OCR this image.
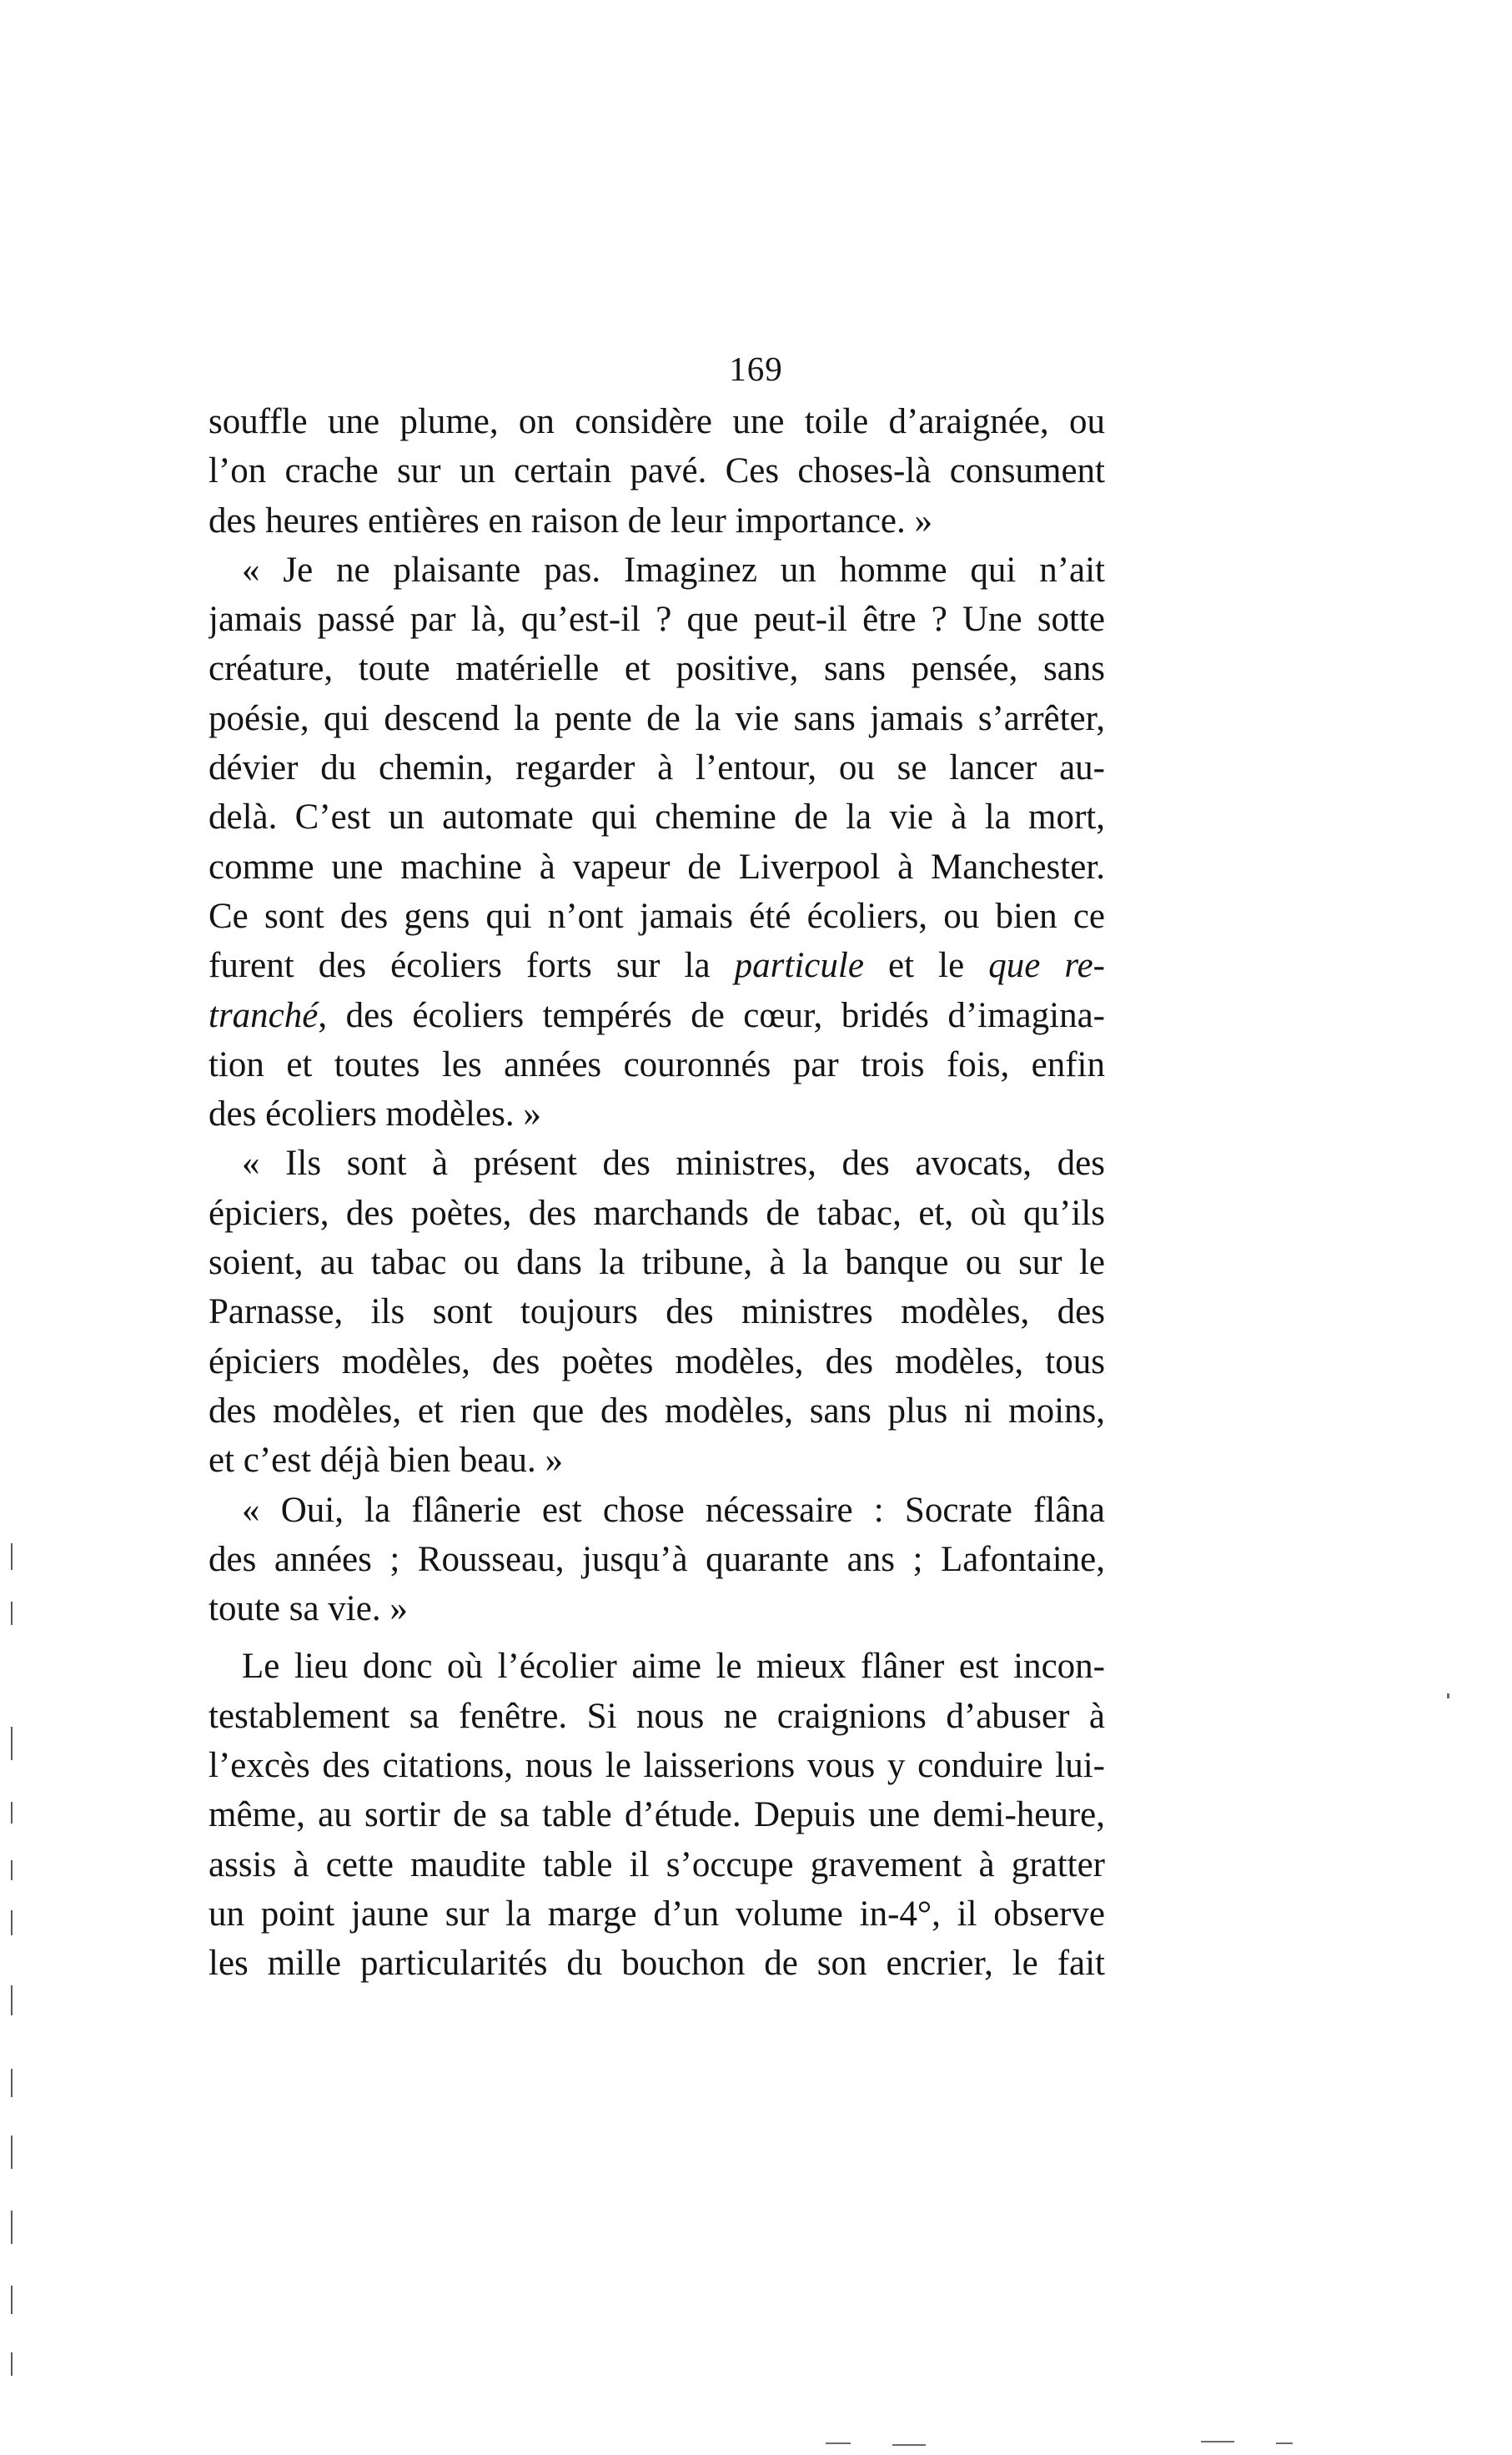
169
souffle une plume, on considère une toile d’araignée, ou
l’on crache sur un certain pavé. Ces choses-là consument
des heures entières en raison de leur importance. »
« Je ne plaisante pas. Imaginez un homme qui n’ait
jamais passé par là, qu’est-il ? que peut-il être ? Une sotte
créature, toute matérielle et positive, sans pensée, sans
poésie, qui descend la pente de la vie sans jamais s’arrêter,
dévier du chemin, regarder à l’entour, ou se lancer au-
delà. C’est un automate qui chemine de la vie à la mort,
comme une machine à vapeur de Liverpool à Manchester.
Ce sont des gens qui n’ont jamais été écoliers, ou bien ce
furent des écoliers forts sur la particule et le que re-
tranché, des écoliers tempérés de cœur, bridés d’imagina-
tion et toutes les années couronnés par trois fois, enfin
des écoliers modèles. »
« Ils sont à présent des ministres, des avocats, des
épiciers, des poètes, des marchands de tabac, et, où qu’ils
soient, au tabac ou dans la tribune, à la banque ou sur le
Parnasse, ils sont toujours des ministres modèles, des
épiciers modèles, des poètes modèles, des modèles, tous
des modèles, et rien que des modèles, sans plus ni moins,
et c’est déjà bien beau. »
« Oui, la flânerie est chose nécessaire : Socrate flâna
des années ; Rousseau, jusqu’à quarante ans ; Lafontaine,
toute sa vie. »
Le lieu donc où l’écolier aime le mieux flâner est incon-
testablement sa fenêtre. Si nous ne craignions d’abuser à
l’excès des citations, nous le laisserions vous y conduire lui-
même, au sortir de sa table d’étude. Depuis une demi-heure,
assis à cette maudite table il s’occupe gravement à gratter
un point jaune sur la marge d’un volume in-4°, il observe
les mille particularités du bouchon de son encrier, le fait
